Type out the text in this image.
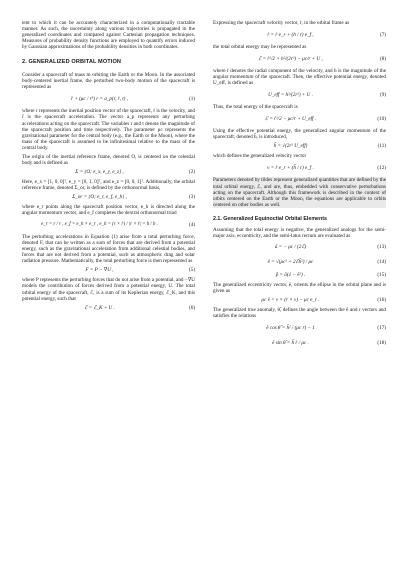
tent to which it can be accurately characterized in a computationally tractable manner. As such, the uncertainty along various trajectories is propagated in the generalized coordinates and compared against Cartesian propagation techniques. Measures of probability density functions are employed to quantify errors induced by Gaussian approximations of the probability densities in both coordinates.

2. GENERALIZED ORBITAL MOTION

Consider a spacecraft of mass m orbiting the Earth or the Moon. In the associated body-centered inertial frame, the perturbed two-body motion of the spacecraft is represented as

r̈ + (μc / r³) r = a_p(r, ṙ, t) ,	(1)

where r represents the inertial position vector of the spacecraft, ṙ is the velocity, and r̈ is the spacecraft acceleration. The vector a_p represents any perturbing accelerations acting on the spacecraft. The variables r and t denote the magnitude of the spacecraft position and time respectively. The parameter μc represents the gravitational parameter for the central body (e.g., the Earth or the Moon), where the mass of the spacecraft is assumed to be infinitesimal relative to the mass of the central body.

The origin of the inertial reference frame, denoted O, is centered on the celestial body and is defined as

Σ = {O; e_x, e_y, e_z} ,	(2)

Here, e_x = [1, 0, 0]ᵀ, e_y = [0, 1, 0]ᵀ, and e_z = [0, 0, 1]ᵀ. Additionally, the orbital reference frame, denoted Σ_or, is defined by the orthonormal basis,

Σ_or = {O; e_r, e_f, e_h} ,	(3)

where e_r points along the spacecraft position vector, e_h is directed along the angular momentum vector, and e_f completes the dextral orthonormal triad

e_r = r / r , e_f = e_h × e_r , e_h = (r × ṙ) / |r × ṙ| = h / h .	(4)

The perturbing accelerations in Equation (1) arise from a total perturbing force, denoted F, that can be written as a sum of forces that are derived from a potential energy, such as the gravitational acceleration from additional celestial bodies, and forces that are not derived from a potential, such as atmospheric drag and solar radiation pressure. Mathematically, the total perturbing force is then represented as

F = P − ∇U ,	(5)

where P represents the perturbing forces that do not arise from a potential, and −∇U models the contribution of forces derived from a potential energy, U. The total orbital energy of the spacecraft, ℰ, is a sum of its Keplerian energy, ℰ_K, and this potential energy, such that

ℰ = ℰ_K + U .	(6)

Expressing the spacecraft velocity vector, ṙ, in the orbital frame as

ṙ = ṙ e_r + (h / r) e_f ,	(7)

the total orbital energy may be represented as

ℰ = ṙ²/2 + h²/(2r²) − μc/r + U ,	(8)

where ṙ denotes the radial component of the velocity, and h is the magnitude of the angular momentum of the spacecraft. Then, the effective potential energy, denoted U_eff, is defined as

U_eff = h²/(2r²) + U .	(9)

Thus, the total energy of the spacecraft is

ℰ = ṙ²/2 − μc/r + U_eff .	(10)

Using the effective potential energy, the generalized angular momentum of the spacecraft, denoted h̃, is introduced,

h̃ = √(2r² U_eff)	(11)

which defines the generalized velocity vector

v = ṙ e_r + (h̃ / r) e_f .	(12)

Parameters denoted by tildes represent generalized quantities that are defined by the total orbital energy, ℰ, and are, thus, embedded with conservative perturbations acting on the spacecraft. Although this framework is described in the context of orbits centered on the Earth or the Moon, the equations are applicable to orbits centered on other bodies as well.

2.1. Generalized Equinoctial Orbital Elements

Assuming that the total energy is negative, the generalized analogs for the semi-major axis, eccentricity, and the semi-latus rectum are evaluated as

ã = − μc / (2ℰ)	(13)
ẽ = √(μc² + 2ℰh̃²) / μc	(14)
p̃ = ã(1 − ẽ²) .	(15)

The generalized eccentricity vector, ẽ, orients the ellipse in the orbital plane and is given as

μc ẽ = v × (r × v) − μc e_r .	(16)

The generalized true anomaly, θ̃, defines the angle between the ẽ and r vectors and satisfies the relations

ẽ cos θ̃ = h̃² / (μc r) − 1	(17)
ẽ sin θ̃ = h̃ ṙ / μc .	(18)
